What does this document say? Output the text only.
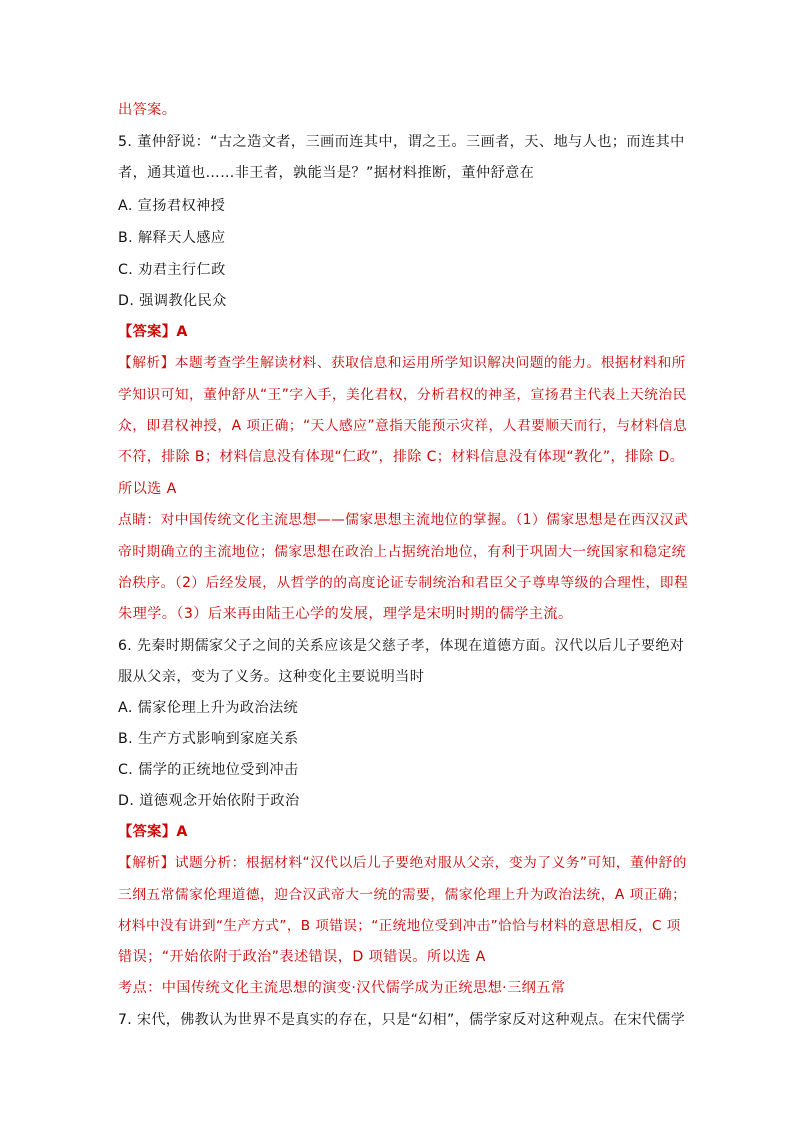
出答案。
5. 董仲舒说：“古之造文者，三画而连其中，谓之王。三画者，天、地与人也；而连其中
者，通其道也……非王者，孰能当是？”据材料推断，董仲舒意在
A. 宣扬君权神授
B. 解释天人感应
C. 劝君主行仁政
D. 强调教化民众
【答案】A
【解析】本题考查学生解读材料、获取信息和运用所学知识解决问题的能力。根据材料和所
学知识可知，董仲舒从“王”字入手，美化君权，分析君权的神圣，宣扬君主代表上天统治民
众，即君权神授，A 项正确；“天人感应”意指天能预示灾祥，人君要顺天而行，与材料信息
不符，排除 B；材料信息没有体现“仁政”，排除 C；材料信息没有体现“教化”，排除 D。
所以选 A
点睛：对中国传统文化主流思想——儒家思想主流地位的掌握。（1）儒家思想是在西汉汉武
帝时期确立的主流地位；儒家思想在政治上占据统治地位，有利于巩固大一统国家和稳定统
治秩序。（2）后经发展，从哲学的的高度论证专制统治和君臣父子尊卑等级的合理性，即程
朱理学。（3）后来再由陆王心学的发展，理学是宋明时期的儒学主流。
6. 先秦时期儒家父子之间的关系应该是父慈子孝，体现在道德方面。汉代以后儿子要绝对
服从父亲，变为了义务。这种变化主要说明当时
A. 儒家伦理上升为政治法统
B. 生产方式影响到家庭关系
C. 儒学的正统地位受到冲击
D. 道德观念开始依附于政治
【答案】A
【解析】试题分析：根据材料“汉代以后儿子要绝对服从父亲，变为了义务”可知，董仲舒的
三纲五常儒家伦理道德，迎合汉武帝大一统的需要，儒家伦理上升为政治法统，A 项正确；
材料中没有讲到“生产方式”，B 项错误；“正统地位受到冲击”恰恰与材料的意思相反，C 项
错误；“开始依附于政治”表述错误，D 项错误。所以选 A
考点：中国传统文化主流思想的演变·汉代儒学成为正统思想·三纲五常
7. 宋代，佛教认为世界不是真实的存在，只是“幻相”，儒学家反对这种观点。在宋代儒学
